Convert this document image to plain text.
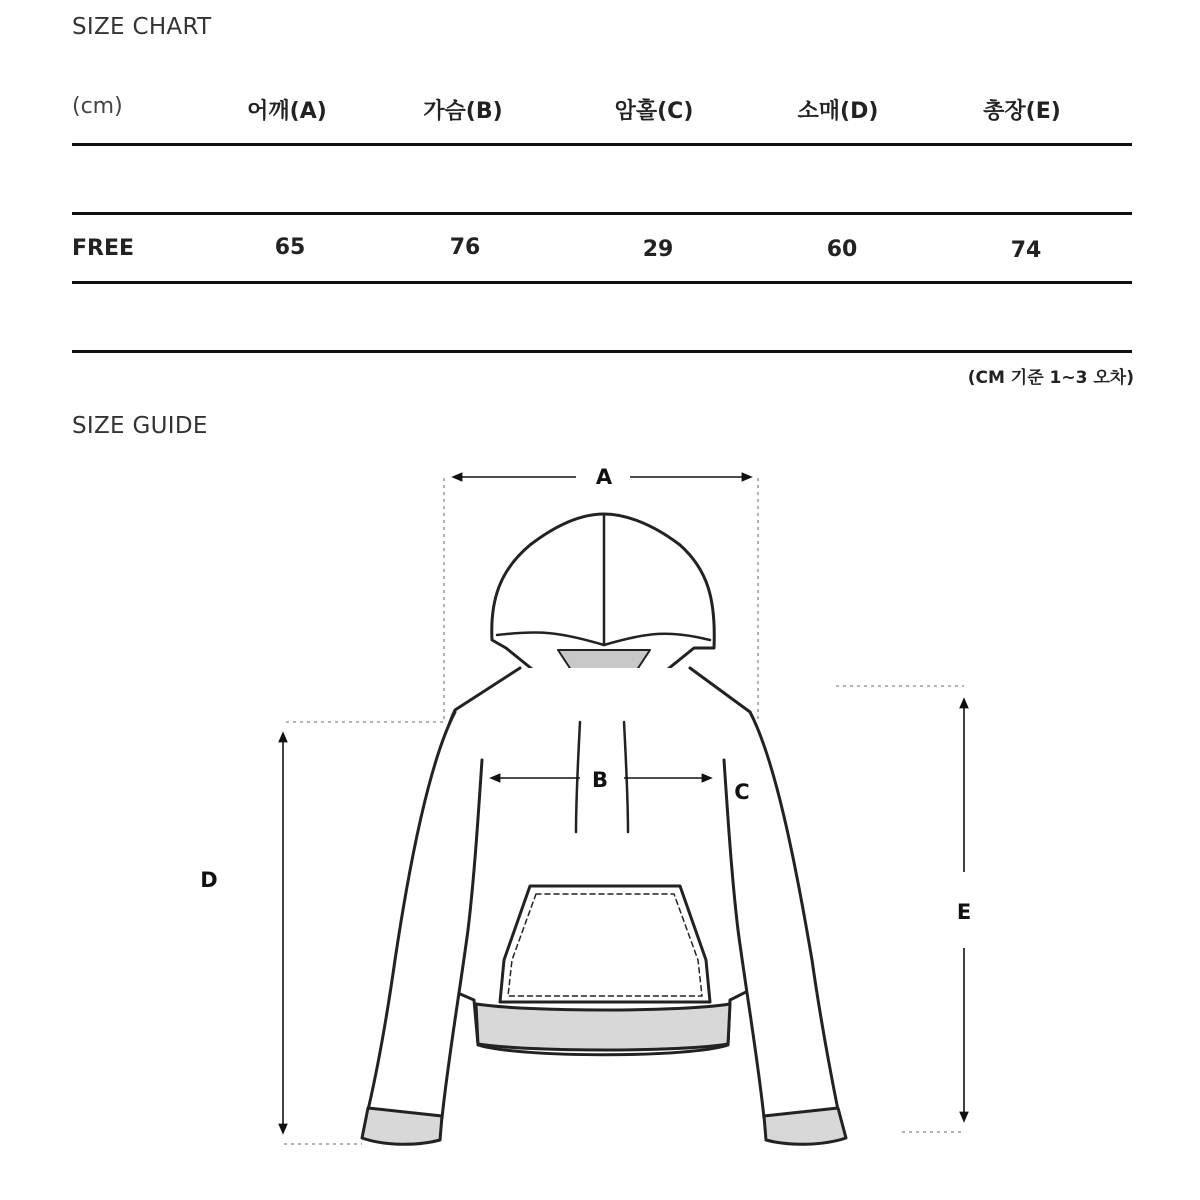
SIZE CHART
(cm)	어깨(A)	가슴(B)	암홀(C)	소매(D)	총장(E)
FREE	65	76	29	60	74
(CM 기준 1~3 오차)
SIZE GUIDE
A
B	C
D
E
